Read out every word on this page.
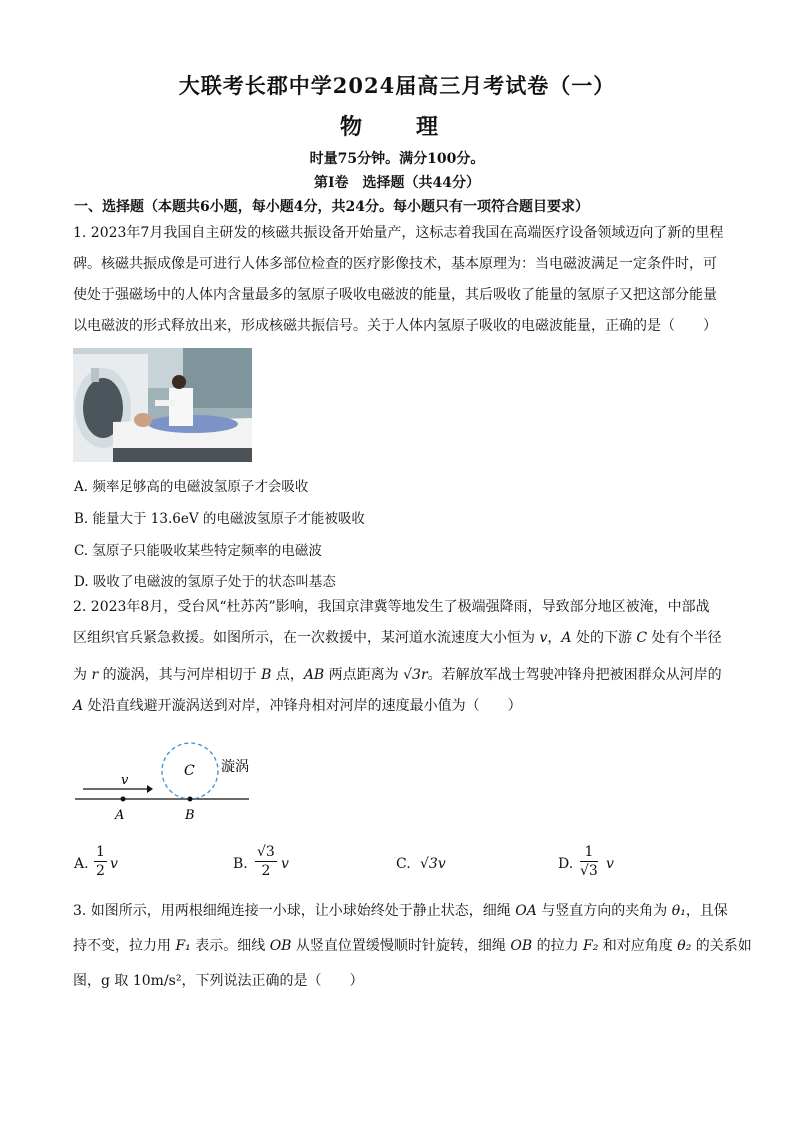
大联考长郡中学2024届高三月考试卷（一）
物　理
时量75分钟。满分100分。
第Ⅰ卷　选择题（共44分）
一、选择题（本题共6小题，每小题4分，共24分。每小题只有一项符合题目要求）
1. 2023年7月我国自主研发的核磁共振设备开始量产，这标志着我国在高端医疗设备领域迈向了新的里程
碑。核磁共振成像是可进行人体多部位检查的医疗影像技术，基本原理为：当电磁波满足一定条件时，可
使处于强磁场中的人体内含量最多的氢原子吸收电磁波的能量，其后吸收了能量的氢原子又把这部分能量
以电磁波的形式释放出来，形成核磁共振信号。关于人体内氢原子吸收的电磁波能量，正确的是（　　）
A. 频率足够高的电磁波氢原子才会吸收
B. 能量大于 13.6eV 的电磁波氢原子才能被吸收
C. 氢原子只能吸收某些特定频率的电磁波
D. 吸收了电磁波的氢原子处于的状态叫基态
2. 2023年8月，受台风“杜苏芮”影响，我国京津冀等地发生了极端强降雨，导致部分地区被淹，中部战
区组织官兵紧急救援。如图所示，在一次救援中，某河道水流速度大小恒为 v，A 处的下游 C 处有个半径
为 r 的漩涡，其与河岸相切于 B 点，AB 两点距离为 √3r。若解放军战士驾驶冲锋舟把被困群众从河岸的
A 处沿直线避开漩涡送到对岸，冲锋舟相对河岸的速度最小值为（　　）
v
C 漩涡
A	B
A. $\frac{1}{2}$ v	B. $\frac{√3}{2}$ v	C. √3v	D. $\frac{1}{√3}$ v
3. 如图所示，用两根细绳连接一小球，让小球始终处于静止状态，细绳 OA 与竖直方向的夹角为 θ₁，且保
持不变，拉力用 F₁ 表示。细线 OB 从竖直位置缓慢顺时针旋转，细绳 OB 的拉力 F₂ 和对应角度 θ₂ 的关系如
图，g 取 10m/s²，下列说法正确的是（　　）
